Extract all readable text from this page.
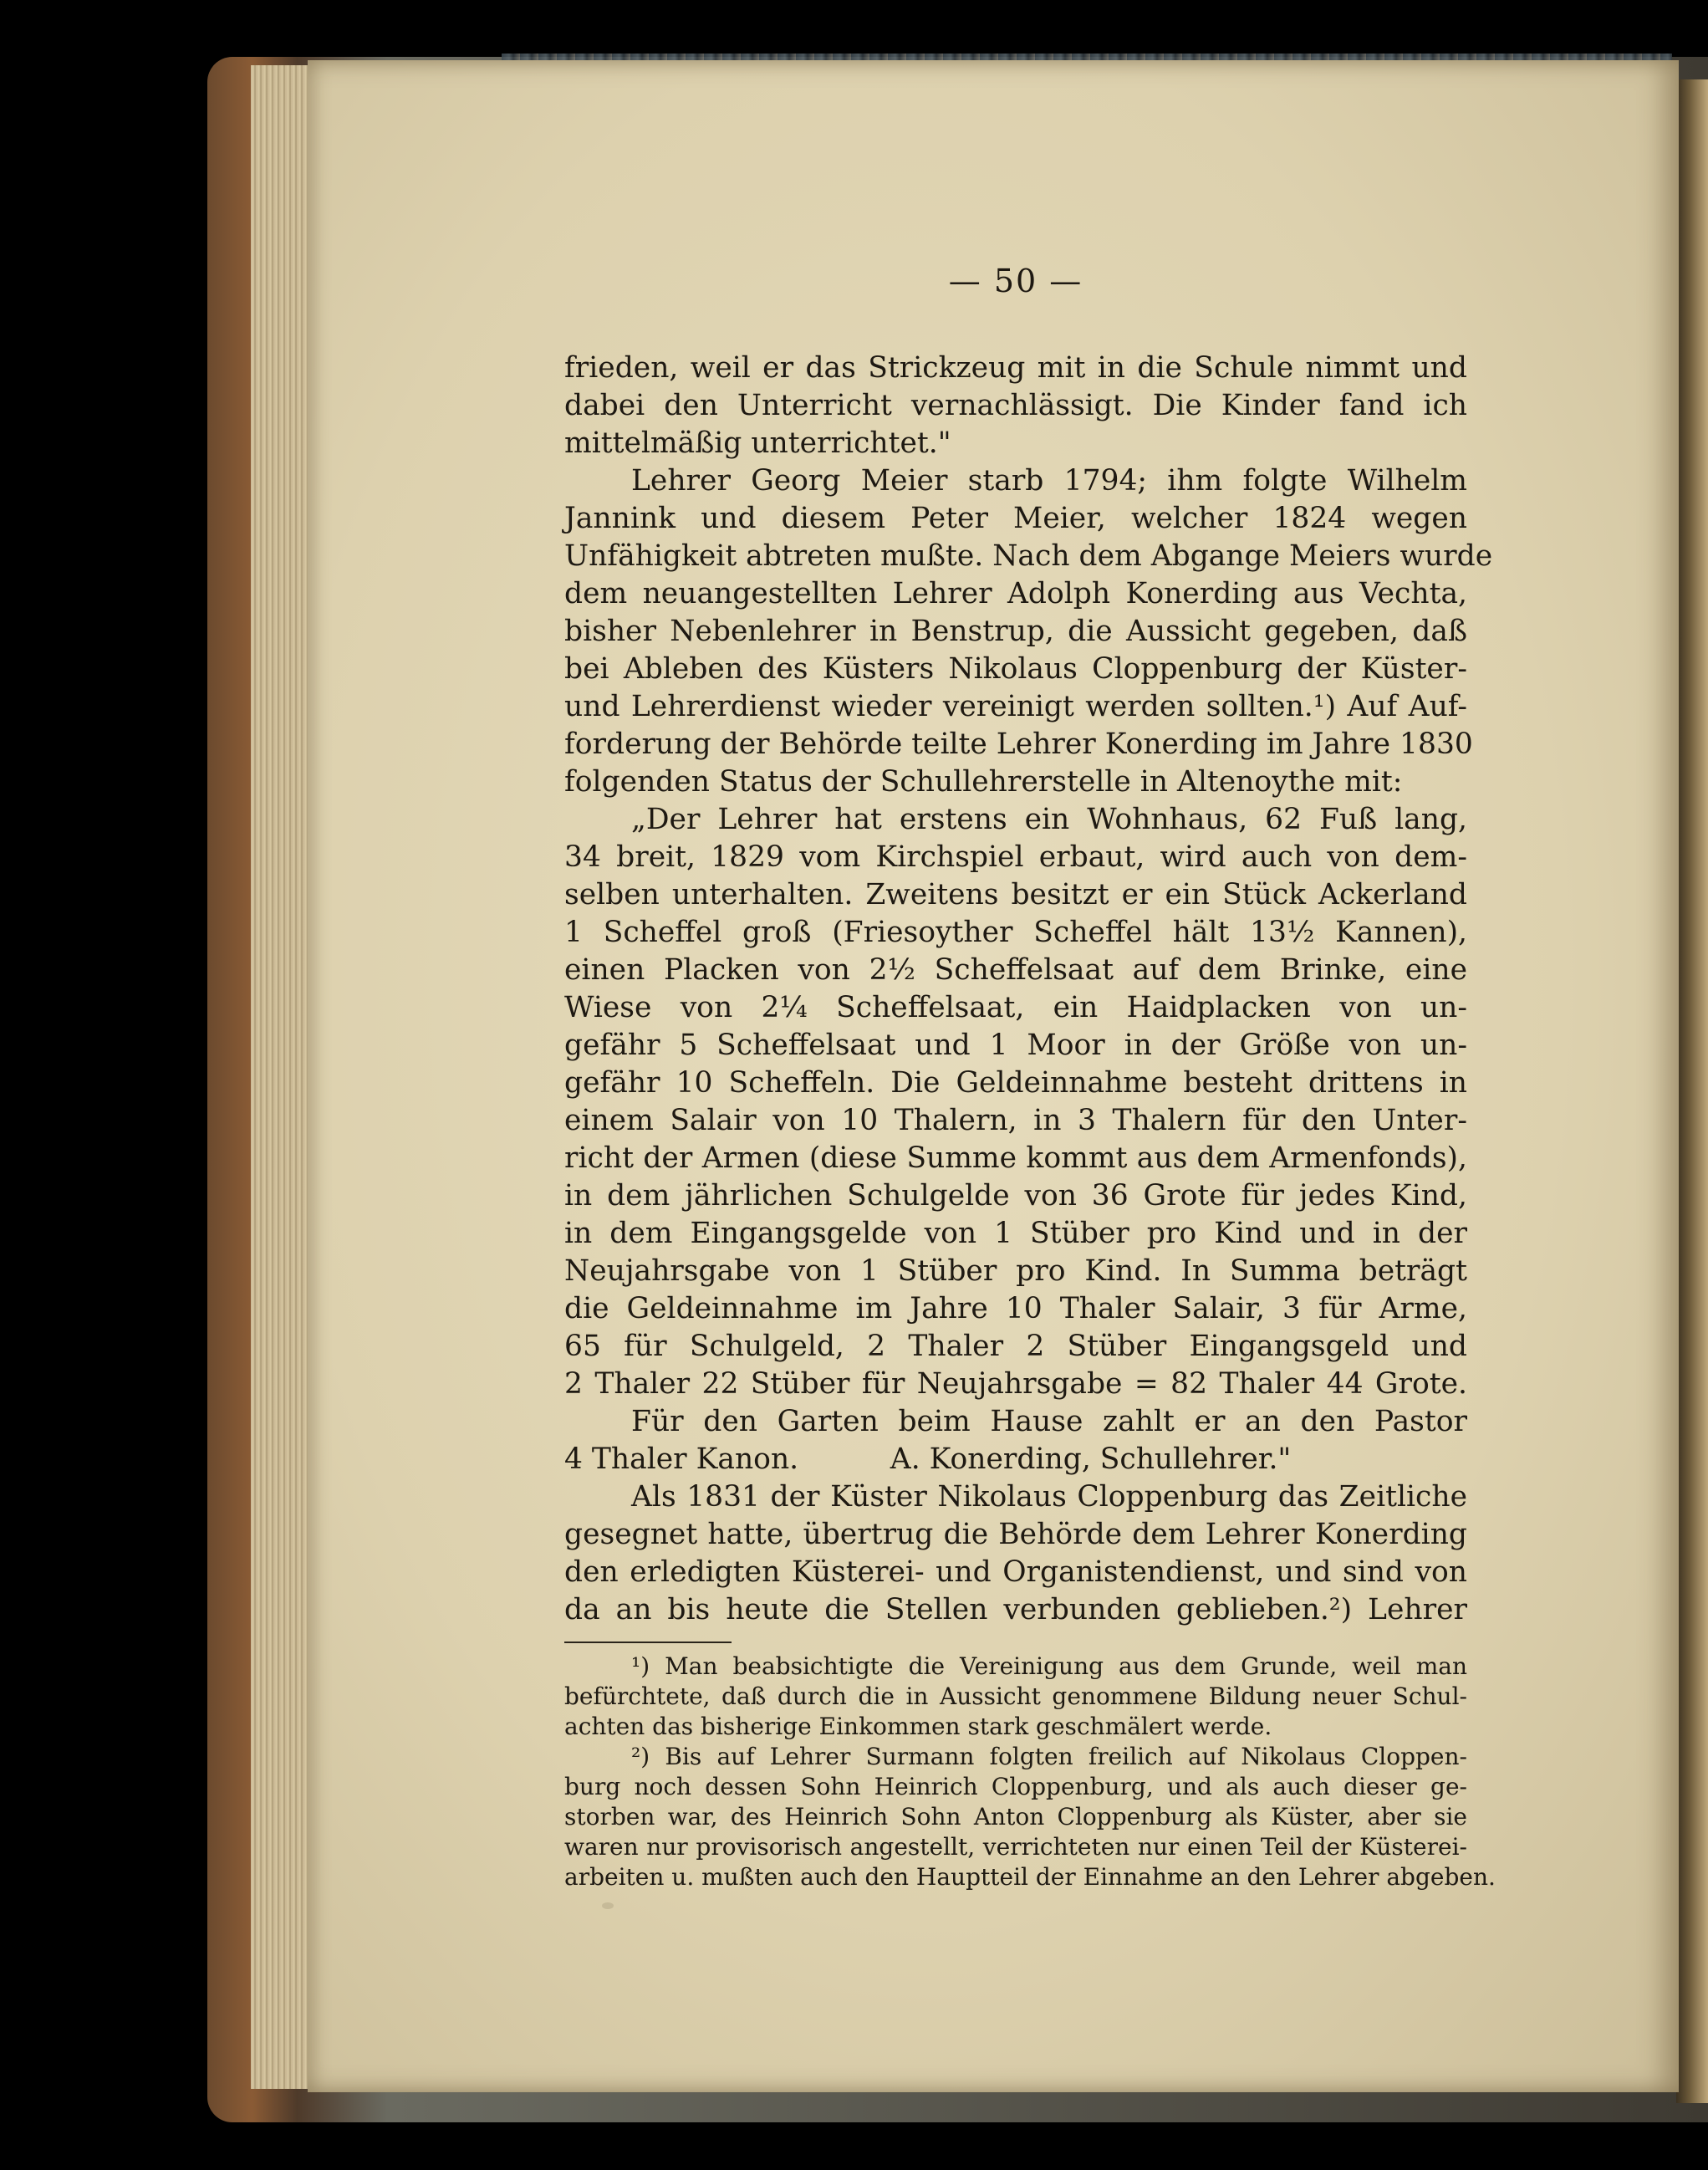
— 50 —
frieden, weil er das Strickzeug mit in die Schule nimmt und
dabei den Unterricht vernachlässigt. Die Kinder fand ich
mittelmäßig unterrichtet."
Lehrer Georg Meier starb 1794; ihm folgte Wilhelm
Jannink und diesem Peter Meier, welcher 1824 wegen
Unfähigkeit abtreten mußte. Nach dem Abgange Meiers wurde
dem neuangestellten Lehrer Adolph Konerding aus Vechta,
bisher Nebenlehrer in Benstrup, die Aussicht gegeben, daß
bei Ableben des Küsters Nikolaus Cloppenburg der Küster-
und Lehrerdienst wieder vereinigt werden sollten.¹) Auf Auf-
forderung der Behörde teilte Lehrer Konerding im Jahre 1830
folgenden Status der Schullehrerstelle in Altenoythe mit:
„Der Lehrer hat erstens ein Wohnhaus, 62 Fuß lang,
34 breit, 1829 vom Kirchspiel erbaut, wird auch von dem-
selben unterhalten. Zweitens besitzt er ein Stück Ackerland
1 Scheffel groß (Friesoyther Scheffel hält 13½ Kannen),
einen Placken von 2½ Scheffelsaat auf dem Brinke, eine
Wiese von 2¼ Scheffelsaat, ein Haidplacken von un-
gefähr 5 Scheffelsaat und 1 Moor in der Größe von un-
gefähr 10 Scheffeln. Die Geldeinnahme besteht drittens in
einem Salair von 10 Thalern, in 3 Thalern für den Unter-
richt der Armen (diese Summe kommt aus dem Armenfonds),
in dem jährlichen Schulgelde von 36 Grote für jedes Kind,
in dem Eingangsgelde von 1 Stüber pro Kind und in der
Neujahrsgabe von 1 Stüber pro Kind. In Summa beträgt
die Geldeinnahme im Jahre 10 Thaler Salair, 3 für Arme,
65 für Schulgeld, 2 Thaler 2 Stüber Eingangsgeld und
2 Thaler 22 Stüber für Neujahrsgabe = 82 Thaler 44 Grote.
Für den Garten beim Hause zahlt er an den Pastor
4 Thaler Kanon.          A. Konerding, Schullehrer."
Als 1831 der Küster Nikolaus Cloppenburg das Zeitliche
gesegnet hatte, übertrug die Behörde dem Lehrer Konerding
den erledigten Küsterei- und Organistendienst, und sind von
da an bis heute die Stellen verbunden geblieben.²) Lehrer
¹) Man beabsichtigte die Vereinigung aus dem Grunde, weil man
befürchtete, daß durch die in Aussicht genommene Bildung neuer Schul-
achten das bisherige Einkommen stark geschmälert werde.
²) Bis auf Lehrer Surmann folgten freilich auf Nikolaus Cloppen-
burg noch dessen Sohn Heinrich Cloppenburg, und als auch dieser ge-
storben war, des Heinrich Sohn Anton Cloppenburg als Küster, aber sie
waren nur provisorisch angestellt, verrichteten nur einen Teil der Küsterei-
arbeiten u. mußten auch den Hauptteil der Einnahme an den Lehrer abgeben.
